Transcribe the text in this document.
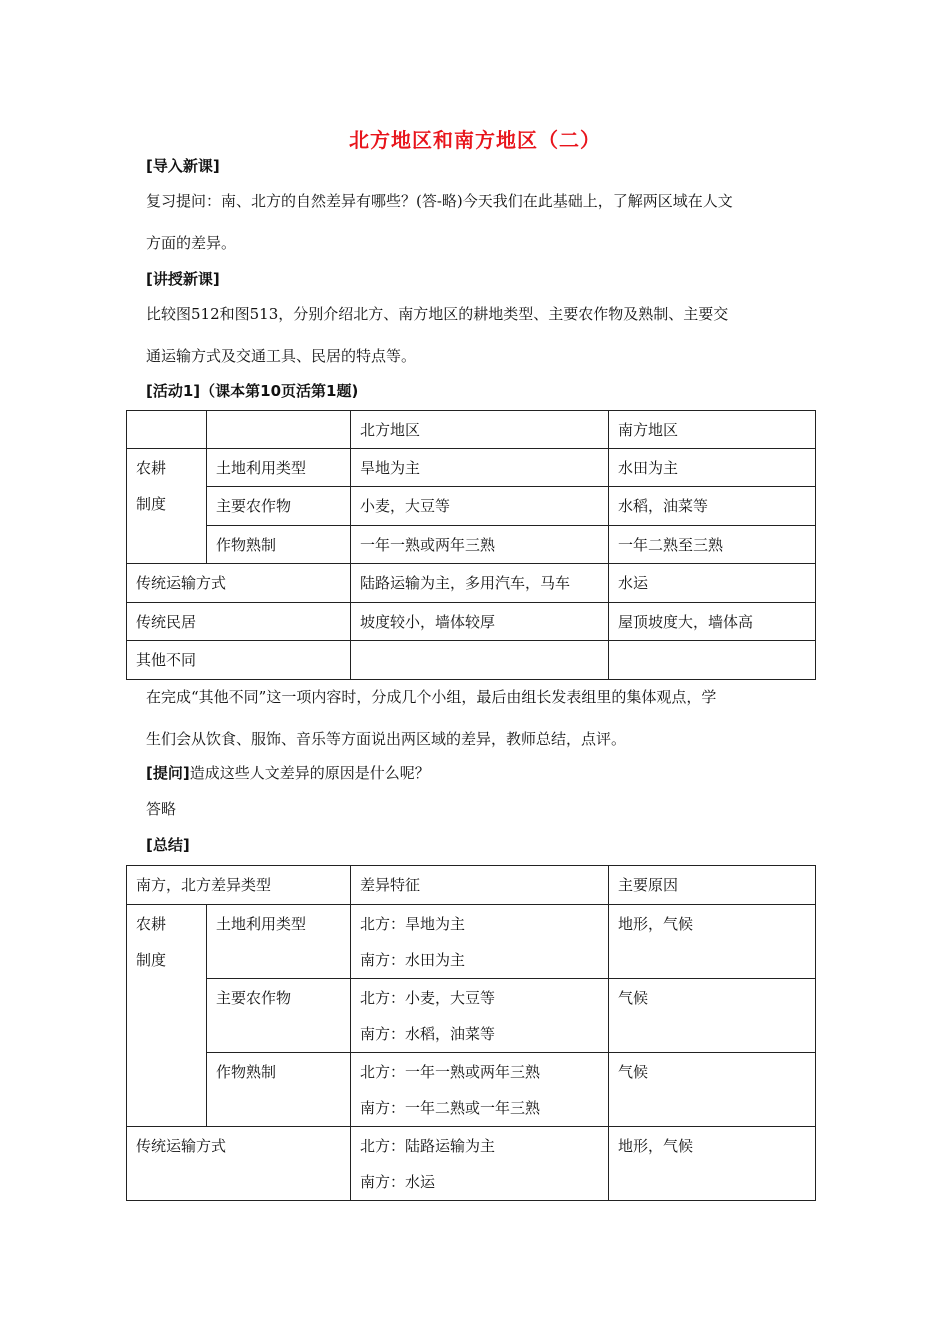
北方地区和南方地区（二）
[导入新课]
复习提问：南、北方的自然差异有哪些？(答-略)今天我们在此基础上，了解两区域在人文
方面的差异。
[讲授新课]
比较图512和图513，分别介绍北方、南方地区的耕地类型、主要农作物及熟制、主要交
通运输方式及交通工具、民居的特点等。
[活动1]（课本第10页活第1题)
		北方地区	南方地区
农耕
制度	土地利用类型	旱地为主	水田为主
	主要农作物	小麦，大豆等	水稻，油菜等
	作物熟制	一年一熟或两年三熟	一年二熟至三熟
传统运输方式		陆路运输为主，多用汽车，马车	水运
传统民居		坡度较小，墙体较厚	屋顶坡度大，墙体高
其他不同			
在完成“其他不同”这一项内容时，分成几个小组，最后由组长发表组里的集体观点，学
生们会从饮食、服饰、音乐等方面说出两区域的差异，教师总结，点评。
[提问]造成这些人文差异的原因是什么呢？
答略
[总结]
南方，北方差异类型		差异特征	主要原因
农耕
制度	土地利用类型	北方：旱地为主
南方：水田为主	地形，气候
	主要农作物	北方：小麦，大豆等
南方：水稻，油菜等	气候
	作物熟制	北方：一年一熟或两年三熟
南方：一年二熟或一年三熟	气候
传统运输方式		北方：陆路运输为主
南方：水运	地形，气候
